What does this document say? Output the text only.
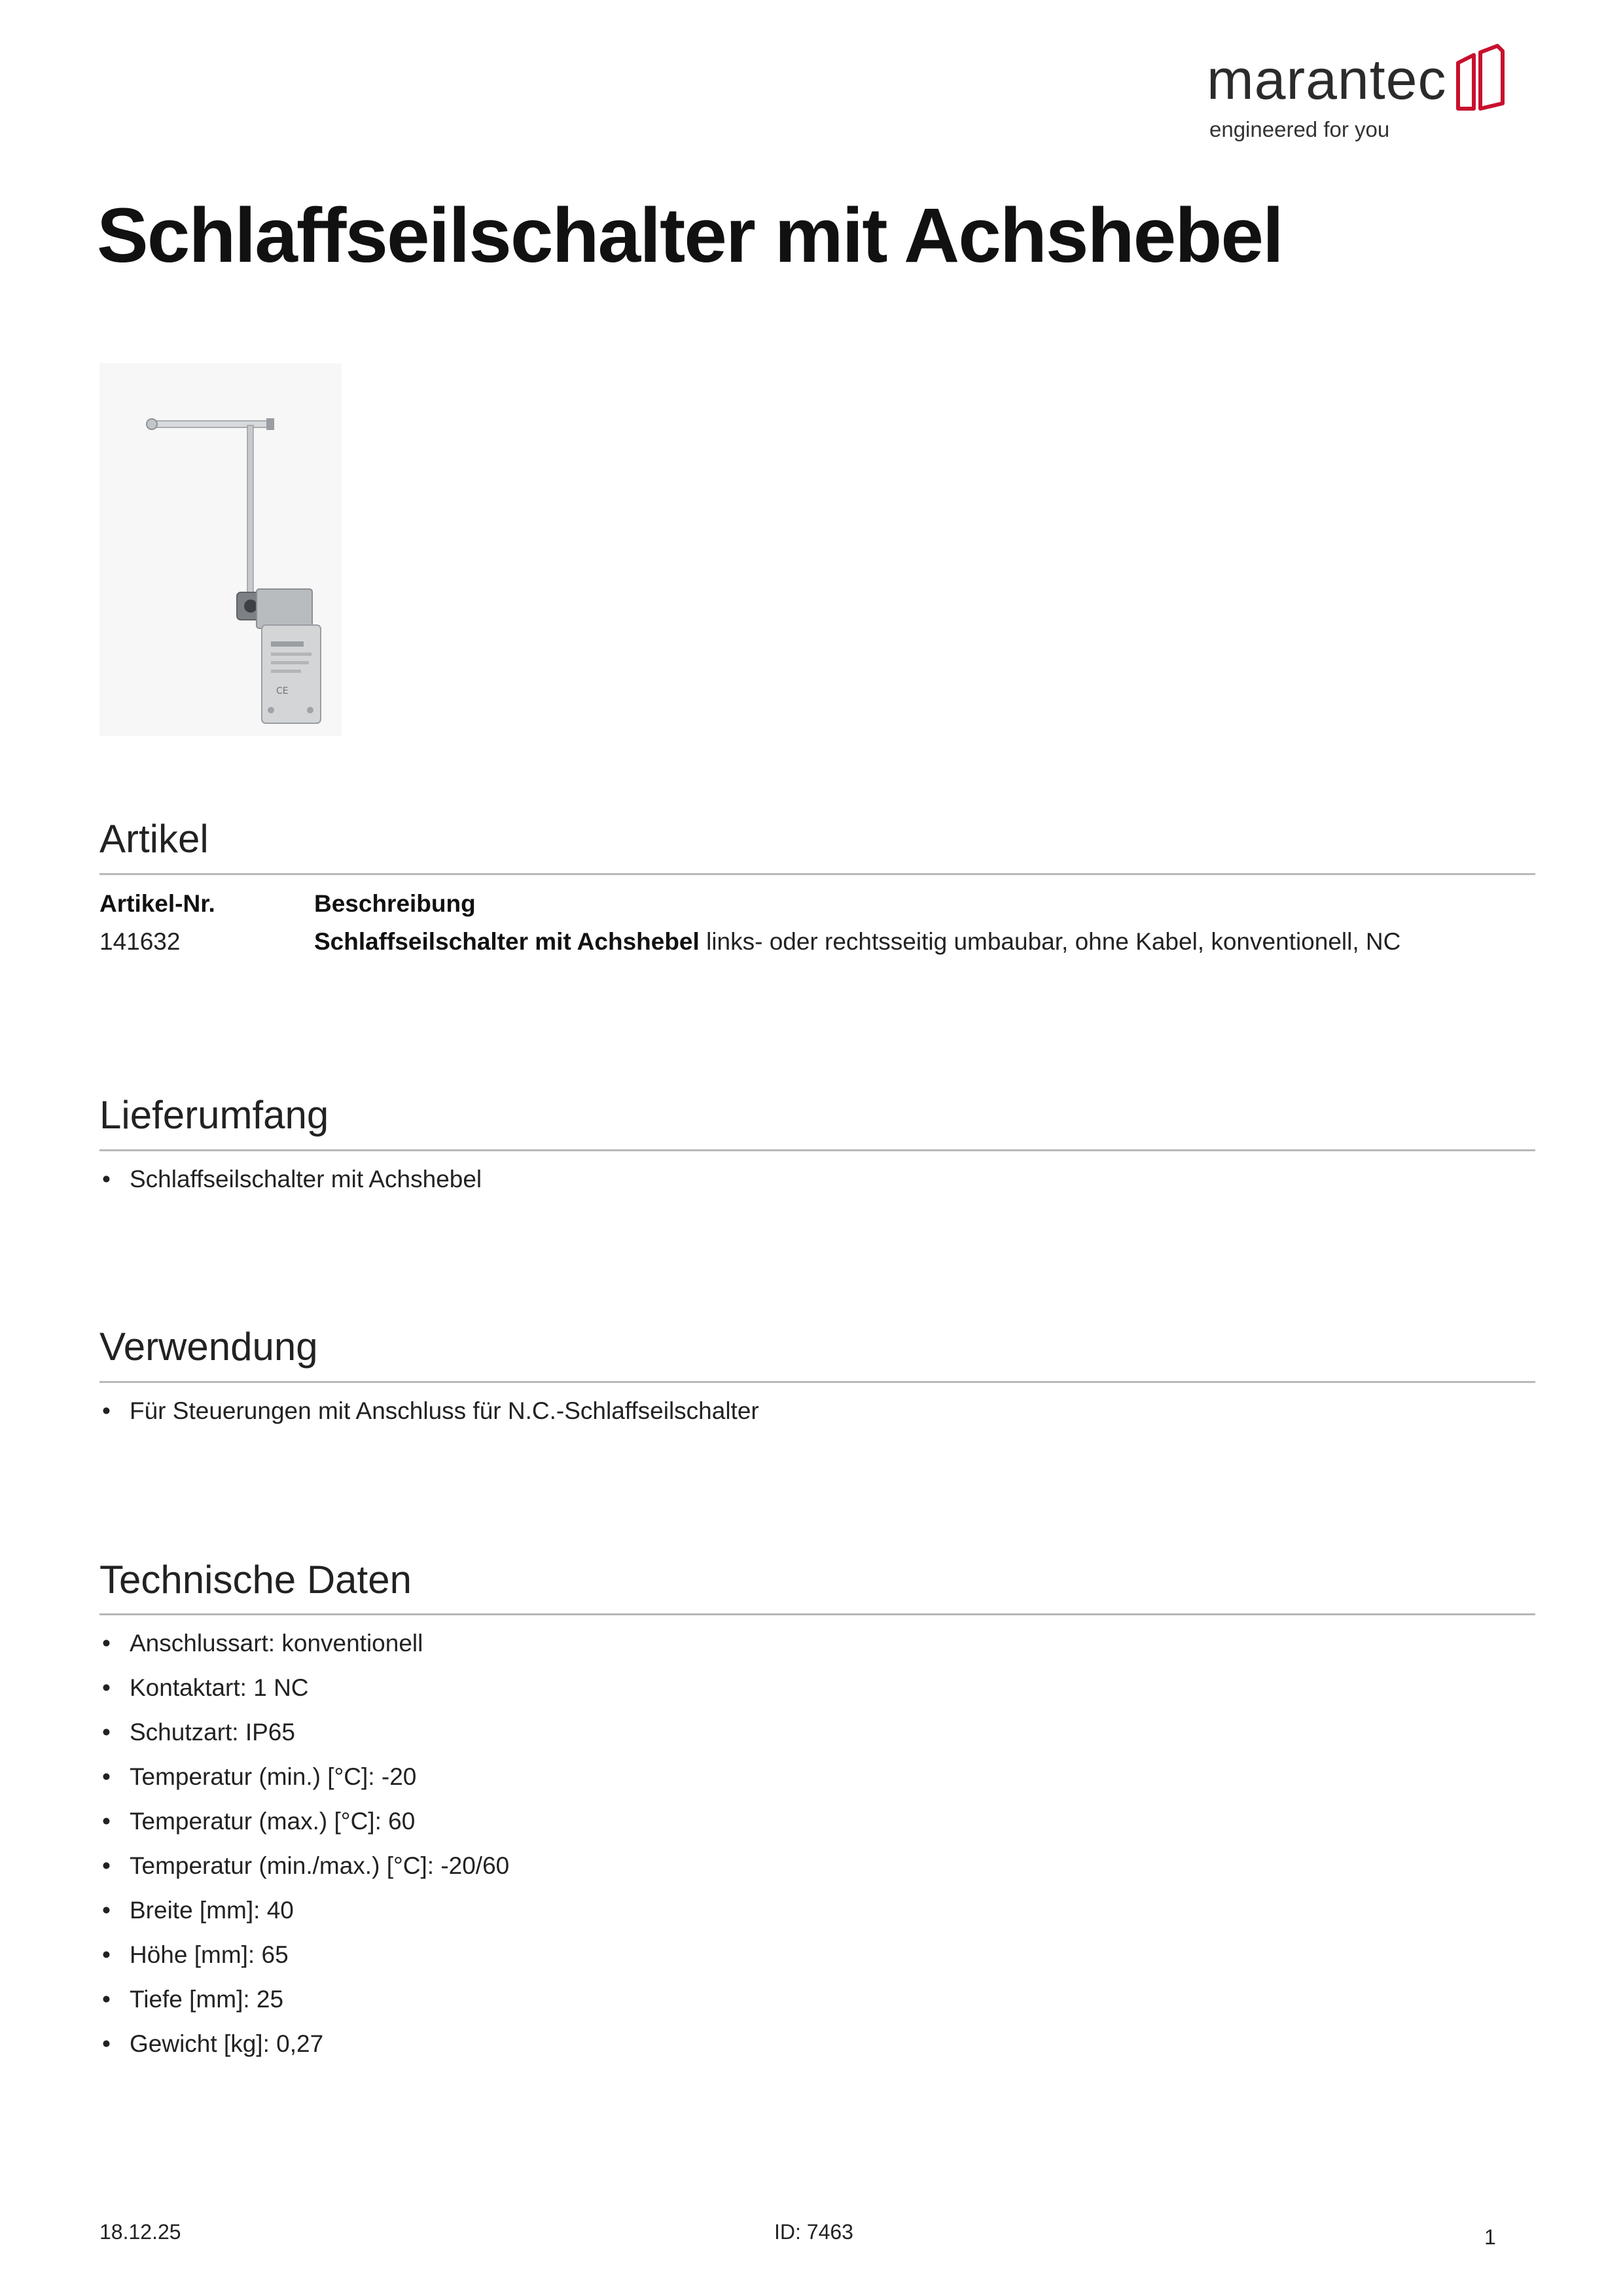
marantec
engineered for you
Schlaffseilschalter mit Achshebel
CE
Artikel
Artikel-Nr.	Beschreibung
141632	Schlaffseilschalter mit Achshebel links- oder rechtsseitig umbaubar, ohne Kabel, konventionell, NC
Lieferumfang
• Schlaffseilschalter mit Achshebel
Verwendung
• Für Steuerungen mit Anschluss für N.C.-Schlaffseilschalter
Technische Daten
• Anschlussart: konventionell
• Kontaktart: 1 NC
• Schutzart: IP65
• Temperatur (min.) [°C]: -20
• Temperatur (max.) [°C]: 60
• Temperatur (min./max.) [°C]: -20/60
• Breite [mm]: 40
• Höhe [mm]: 65
• Tiefe [mm]: 25
• Gewicht [kg]: 0,27
18.12.25	ID: 7463	1
